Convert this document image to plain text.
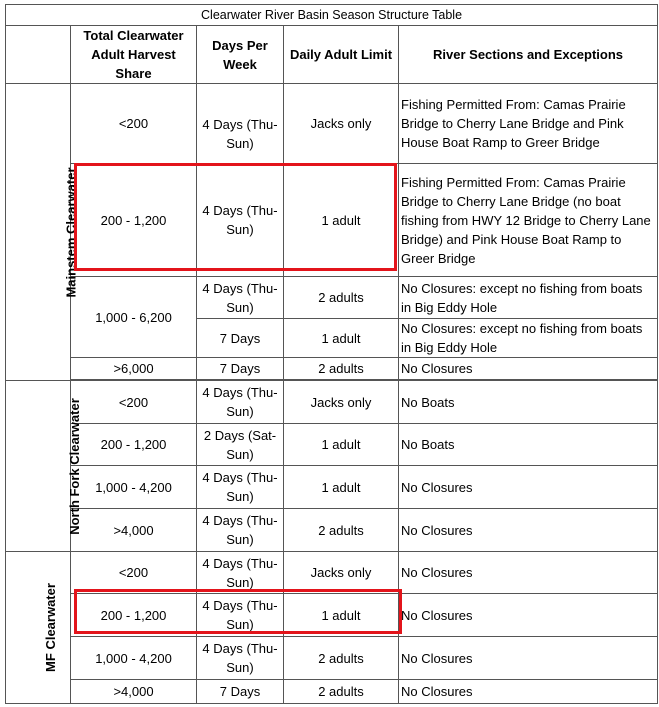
Clearwater River Basin Season Structure Table				
	Total Clearwater Adult Harvest Share	Days Per Week	Daily Adult Limit	River Sections and Exceptions
Mainstem Clearwater	<200	4 Days (Thu-Sun)	Jacks only	Fishing Permitted From: Camas Prairie Bridge to Cherry Lane Bridge and Pink House Boat Ramp to Greer Bridge
	200 - 1,200	4 Days (Thu-Sun)	1 adult	Fishing Permitted From: Camas Prairie Bridge to Cherry Lane Bridge (no boat fishing from HWY 12 Bridge to Cherry Lane Bridge) and Pink House Boat Ramp to Greer Bridge
	1,000 - 6,200	4 Days (Thu-Sun)	2 adults	No Closures: except no fishing from boats in Big Eddy Hole
		7 Days	1 adult	No Closures: except no fishing from boats in Big Eddy Hole
	>6,000	7 Days	2 adults	No Closures

North Fork Clearwater	<200	4 Days (Thu-Sun)	Jacks only	No Boats
	200 - 1,200	2 Days (Sat-Sun)	1 adult	No Boats
	1,000 - 4,200	4 Days (Thu-Sun)	1 adult	No Closures
	>4,000	4 Days (Thu-Sun)	2 adults	No Closures
MF Clearwater	<200	4 Days (Thu-Sun)	Jacks only	No Closures
	200 - 1,200	4 Days (Thu-Sun)	1 adult	No Closures
	1,000 - 4,200	4 Days (Thu-Sun)	2 adults	No Closures
	>4,000	7 Days	2 adults	No Closures
